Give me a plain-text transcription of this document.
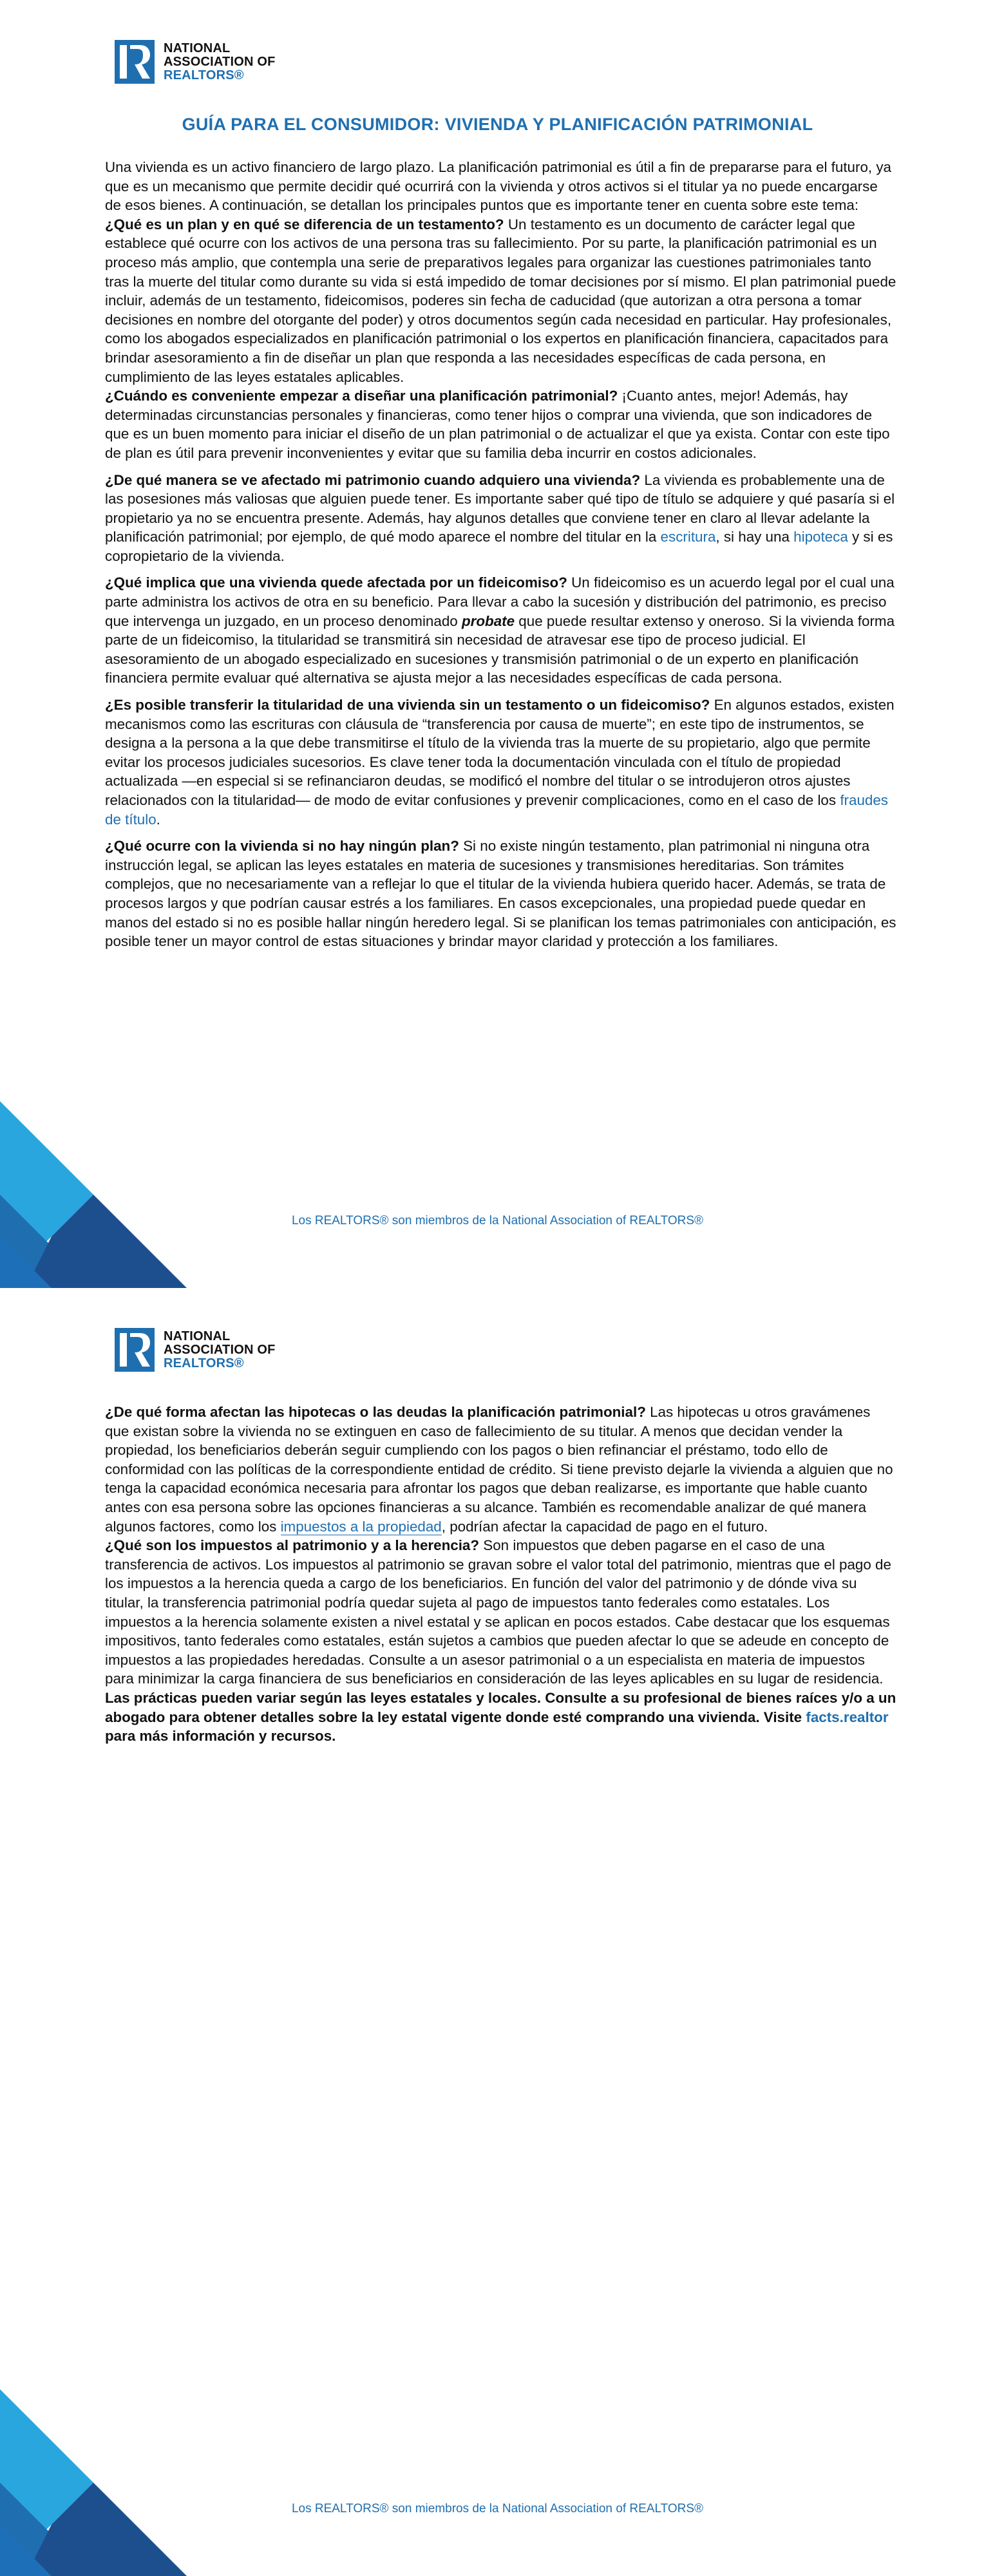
NATIONAL
ASSOCIATION OF
REALTORS®
GUÍA PARA EL CONSUMIDOR: VIVIENDA Y PLANIFICACIÓN PATRIMONIAL

Una vivienda es un activo financiero de largo plazo. La planificación patrimonial es útil a fin de prepararse para el futuro, ya que es un mecanismo que permite decidir qué ocurrirá con la vivienda y otros activos si el titular ya no puede encargarse de esos bienes. A continuación, se detallan los principales puntos que es importante tener en cuenta sobre este tema:

¿Qué es un plan y en qué se diferencia de un testamento? Un testamento es un documento de carácter legal que establece qué ocurre con los activos de una persona tras su fallecimiento. Por su parte, la planificación patrimonial es un proceso más amplio, que contempla una serie de preparativos legales para organizar las cuestiones patrimoniales tanto tras la muerte del titular como durante su vida si está impedido de tomar decisiones por sí mismo. El plan patrimonial puede incluir, además de un testamento, fideicomisos, poderes sin fecha de caducidad (que autorizan a otra persona a tomar decisiones en nombre del otorgante del poder) y otros documentos según cada necesidad en particular. Hay profesionales, como los abogados especializados en planificación patrimonial o los expertos en planificación financiera, capacitados para brindar asesoramiento a fin de diseñar un plan que responda a las necesidades específicas de cada persona, en cumplimiento de las leyes estatales aplicables.

¿Cuándo es conveniente empezar a diseñar una planificación patrimonial? ¡Cuanto antes, mejor! Además, hay determinadas circunstancias personales y financieras, como tener hijos o comprar una vivienda, que son indicadores de que es un buen momento para iniciar el diseño de un plan patrimonial o de actualizar el que ya exista. Contar con este tipo de plan es útil para prevenir inconvenientes y evitar que su familia deba incurrir en costos adicionales.

¿De qué manera se ve afectado mi patrimonio cuando adquiero una vivienda? La vivienda es probablemente una de las posesiones más valiosas que alguien puede tener. Es importante saber qué tipo de título se adquiere y qué pasaría si el propietario ya no se encuentra presente. Además, hay algunos detalles que conviene tener en claro al llevar adelante la planificación patrimonial; por ejemplo, de qué modo aparece el nombre del titular en la escritura, si hay una hipoteca y si es copropietario de la vivienda.

¿Qué implica que una vivienda quede afectada por un fideicomiso? Un fideicomiso es un acuerdo legal por el cual una parte administra los activos de otra en su beneficio. Para llevar a cabo la sucesión y distribución del patrimonio, es preciso que intervenga un juzgado, en un proceso denominado probate que puede resultar extenso y oneroso. Si la vivienda forma parte de un fideicomiso, la titularidad se transmitirá sin necesidad de atravesar ese tipo de proceso judicial. El asesoramiento de un abogado especializado en sucesiones y transmisión patrimonial o de un experto en planificación financiera permite evaluar qué alternativa se ajusta mejor a las necesidades específicas de cada persona.

¿Es posible transferir la titularidad de una vivienda sin un testamento o un fideicomiso? En algunos estados, existen mecanismos como las escrituras con cláusula de “transferencia por causa de muerte”; en este tipo de instrumentos, se designa a la persona a la que debe transmitirse el título de la vivienda tras la muerte de su propietario, algo que permite evitar los procesos judiciales sucesorios. Es clave tener toda la documentación vinculada con el título de propiedad actualizada —en especial si se refinanciaron deudas, se modificó el nombre del titular o se introdujeron otros ajustes relacionados con la titularidad— de modo de evitar confusiones y prevenir complicaciones, como en el caso de los fraudes de título.

¿Qué ocurre con la vivienda si no hay ningún plan? Si no existe ningún testamento, plan patrimonial ni ninguna otra instrucción legal, se aplican las leyes estatales en materia de sucesiones y transmisiones hereditarias. Son trámites complejos, que no necesariamente van a reflejar lo que el titular de la vivienda hubiera querido hacer. Además, se trata de procesos largos y que podrían causar estrés a los familiares. En casos excepcionales, una propiedad puede quedar en manos del estado si no es posible hallar ningún heredero legal. Si se planifican los temas patrimoniales con anticipación, es posible tener un mayor control de estas situaciones y brindar mayor claridad y protección a los familiares.

Los REALTORS® son miembros de la National Association of REALTORS®
NATIONAL
ASSOCIATION OF
REALTORS®

¿De qué forma afectan las hipotecas o las deudas la planificación patrimonial? Las hipotecas u otros gravámenes que existan sobre la vivienda no se extinguen en caso de fallecimiento de su titular. A menos que decidan vender la propiedad, los beneficiarios deberán seguir cumpliendo con los pagos o bien refinanciar el préstamo, todo ello de conformidad con las políticas de la correspondiente entidad de crédito. Si tiene previsto dejarle la vivienda a alguien que no tenga la capacidad económica necesaria para afrontar los pagos que deban realizarse, es importante que hable cuanto antes con esa persona sobre las opciones financieras a su alcance. También es recomendable analizar de qué manera algunos factores, como los impuestos a la propiedad, podrían afectar la capacidad de pago en el futuro.

¿Qué son los impuestos al patrimonio y a la herencia? Son impuestos que deben pagarse en el caso de una transferencia de activos. Los impuestos al patrimonio se gravan sobre el valor total del patrimonio, mientras que el pago de los impuestos a la herencia queda a cargo de los beneficiarios. En función del valor del patrimonio y de dónde viva su titular, la transferencia patrimonial podría quedar sujeta al pago de impuestos tanto federales como estatales. Los impuestos a la herencia solamente existen a nivel estatal y se aplican en pocos estados. Cabe destacar que los esquemas impositivos, tanto federales como estatales, están sujetos a cambios que pueden afectar lo que se adeude en concepto de impuestos a las propiedades heredadas. Consulte a un asesor patrimonial o a un especialista en materia de impuestos para minimizar la carga financiera de sus beneficiarios en consideración de las leyes aplicables en su lugar de residencia.

Las prácticas pueden variar según las leyes estatales y locales. Consulte a su profesional de bienes raíces y/o a un abogado para obtener detalles sobre la ley estatal vigente donde esté comprando una vivienda. Visite facts.realtor para más información y recursos.

Los REALTORS® son miembros de la National Association of REALTORS®
